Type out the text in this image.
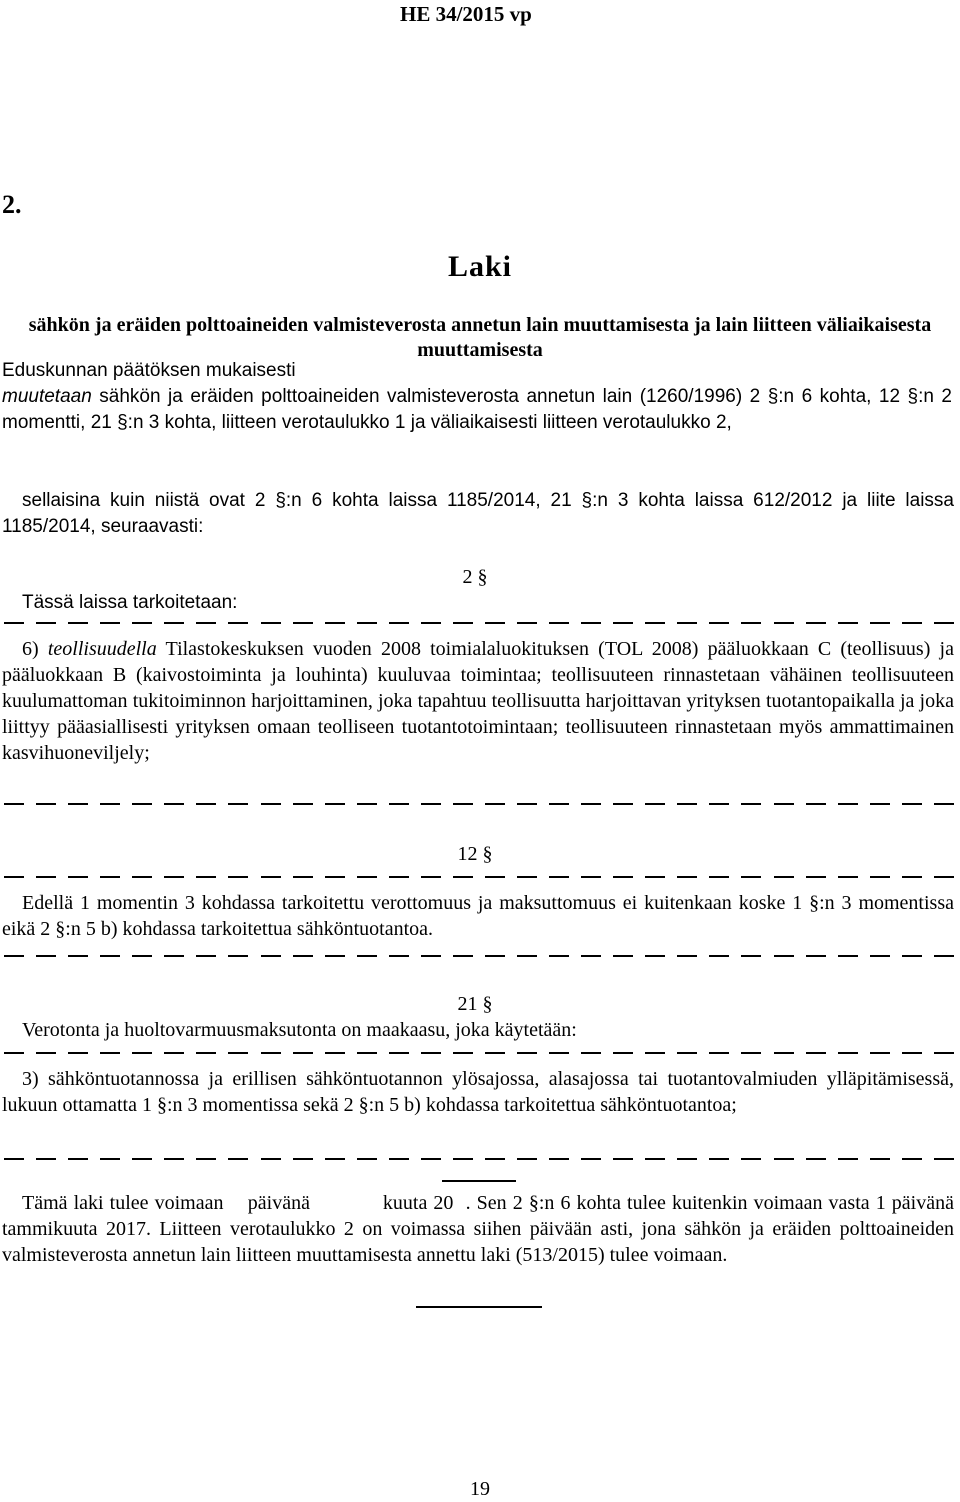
HE 34/2015 vp
2.
Laki
sähkön ja eräiden polttoaineiden valmisteverosta annetun lain muuttamisesta ja lain liitteen väliaikaisesta muuttamisesta
Eduskunnan päätöksen mukaisesti
muutetaan sähkön ja eräiden polttoaineiden valmisteverosta annetun lain (1260/1996) 2 §:n 6 kohta, 12 §:n 2 momentti, 21 §:n 3 kohta, liitteen verotaulukko 1 ja väliaikaisesti liitteen verotaulukko 2,
sellaisina kuin niistä ovat 2 §:n 6 kohta laissa 1185/2014, 21 §:n 3 kohta laissa 612/2012 ja liite laissa 1185/2014, seuraavasti:
2 §
Tässä laissa tarkoitetaan:
6) teollisuudella Tilastokeskuksen vuoden 2008 toimialaluokituksen (TOL 2008) pääluokkaan C (teollisuus) ja pääluokkaan B (kaivostoiminta ja louhinta) kuuluvaa toimintaa; teollisuuteen rinnastetaan vähäinen teollisuuteen kuulumattoman tukitoiminnon harjoittaminen, joka tapahtuu teollisuutta harjoittavan yrityksen tuotantopaikalla ja joka liittyy pääasiallisesti yrityksen omaan teolliseen tuotantotoimintaan; teollisuuteen rinnastetaan myös ammattimainen kasvihuoneviljely;
12 §
Edellä 1 momentin 3 kohdassa tarkoitettu verottomuus ja maksuttomuus ei kuitenkaan koske 1 §:n 3 momentissa eikä 2 §:n 5 b) kohdassa tarkoitettua sähköntuotantoa.
21 §
Verotonta ja huoltovarmuusmaksutonta on maakaasu, joka käytetään:
3) sähköntuotannossa ja erillisen sähköntuotannon ylösajossa, alasajossa tai tuotantovalmiuden ylläpitämisessä, lukuun ottamatta 1 §:n 3 momentissa sekä 2 §:n 5 b) kohdassa tarkoitettua sähköntuotantoa;
Tämä laki tulee voimaan    päivänä            kuuta 20  . Sen 2 §:n 6 kohta tulee kuitenkin voimaan vasta 1 päivänä tammikuuta 2017. Liitteen verotaulukko 2 on voimassa siihen päivään asti, jona sähkön ja eräiden polttoaineiden valmisteverosta annetun lain liitteen muuttamisesta annettu laki (513/2015) tulee voimaan.
19
